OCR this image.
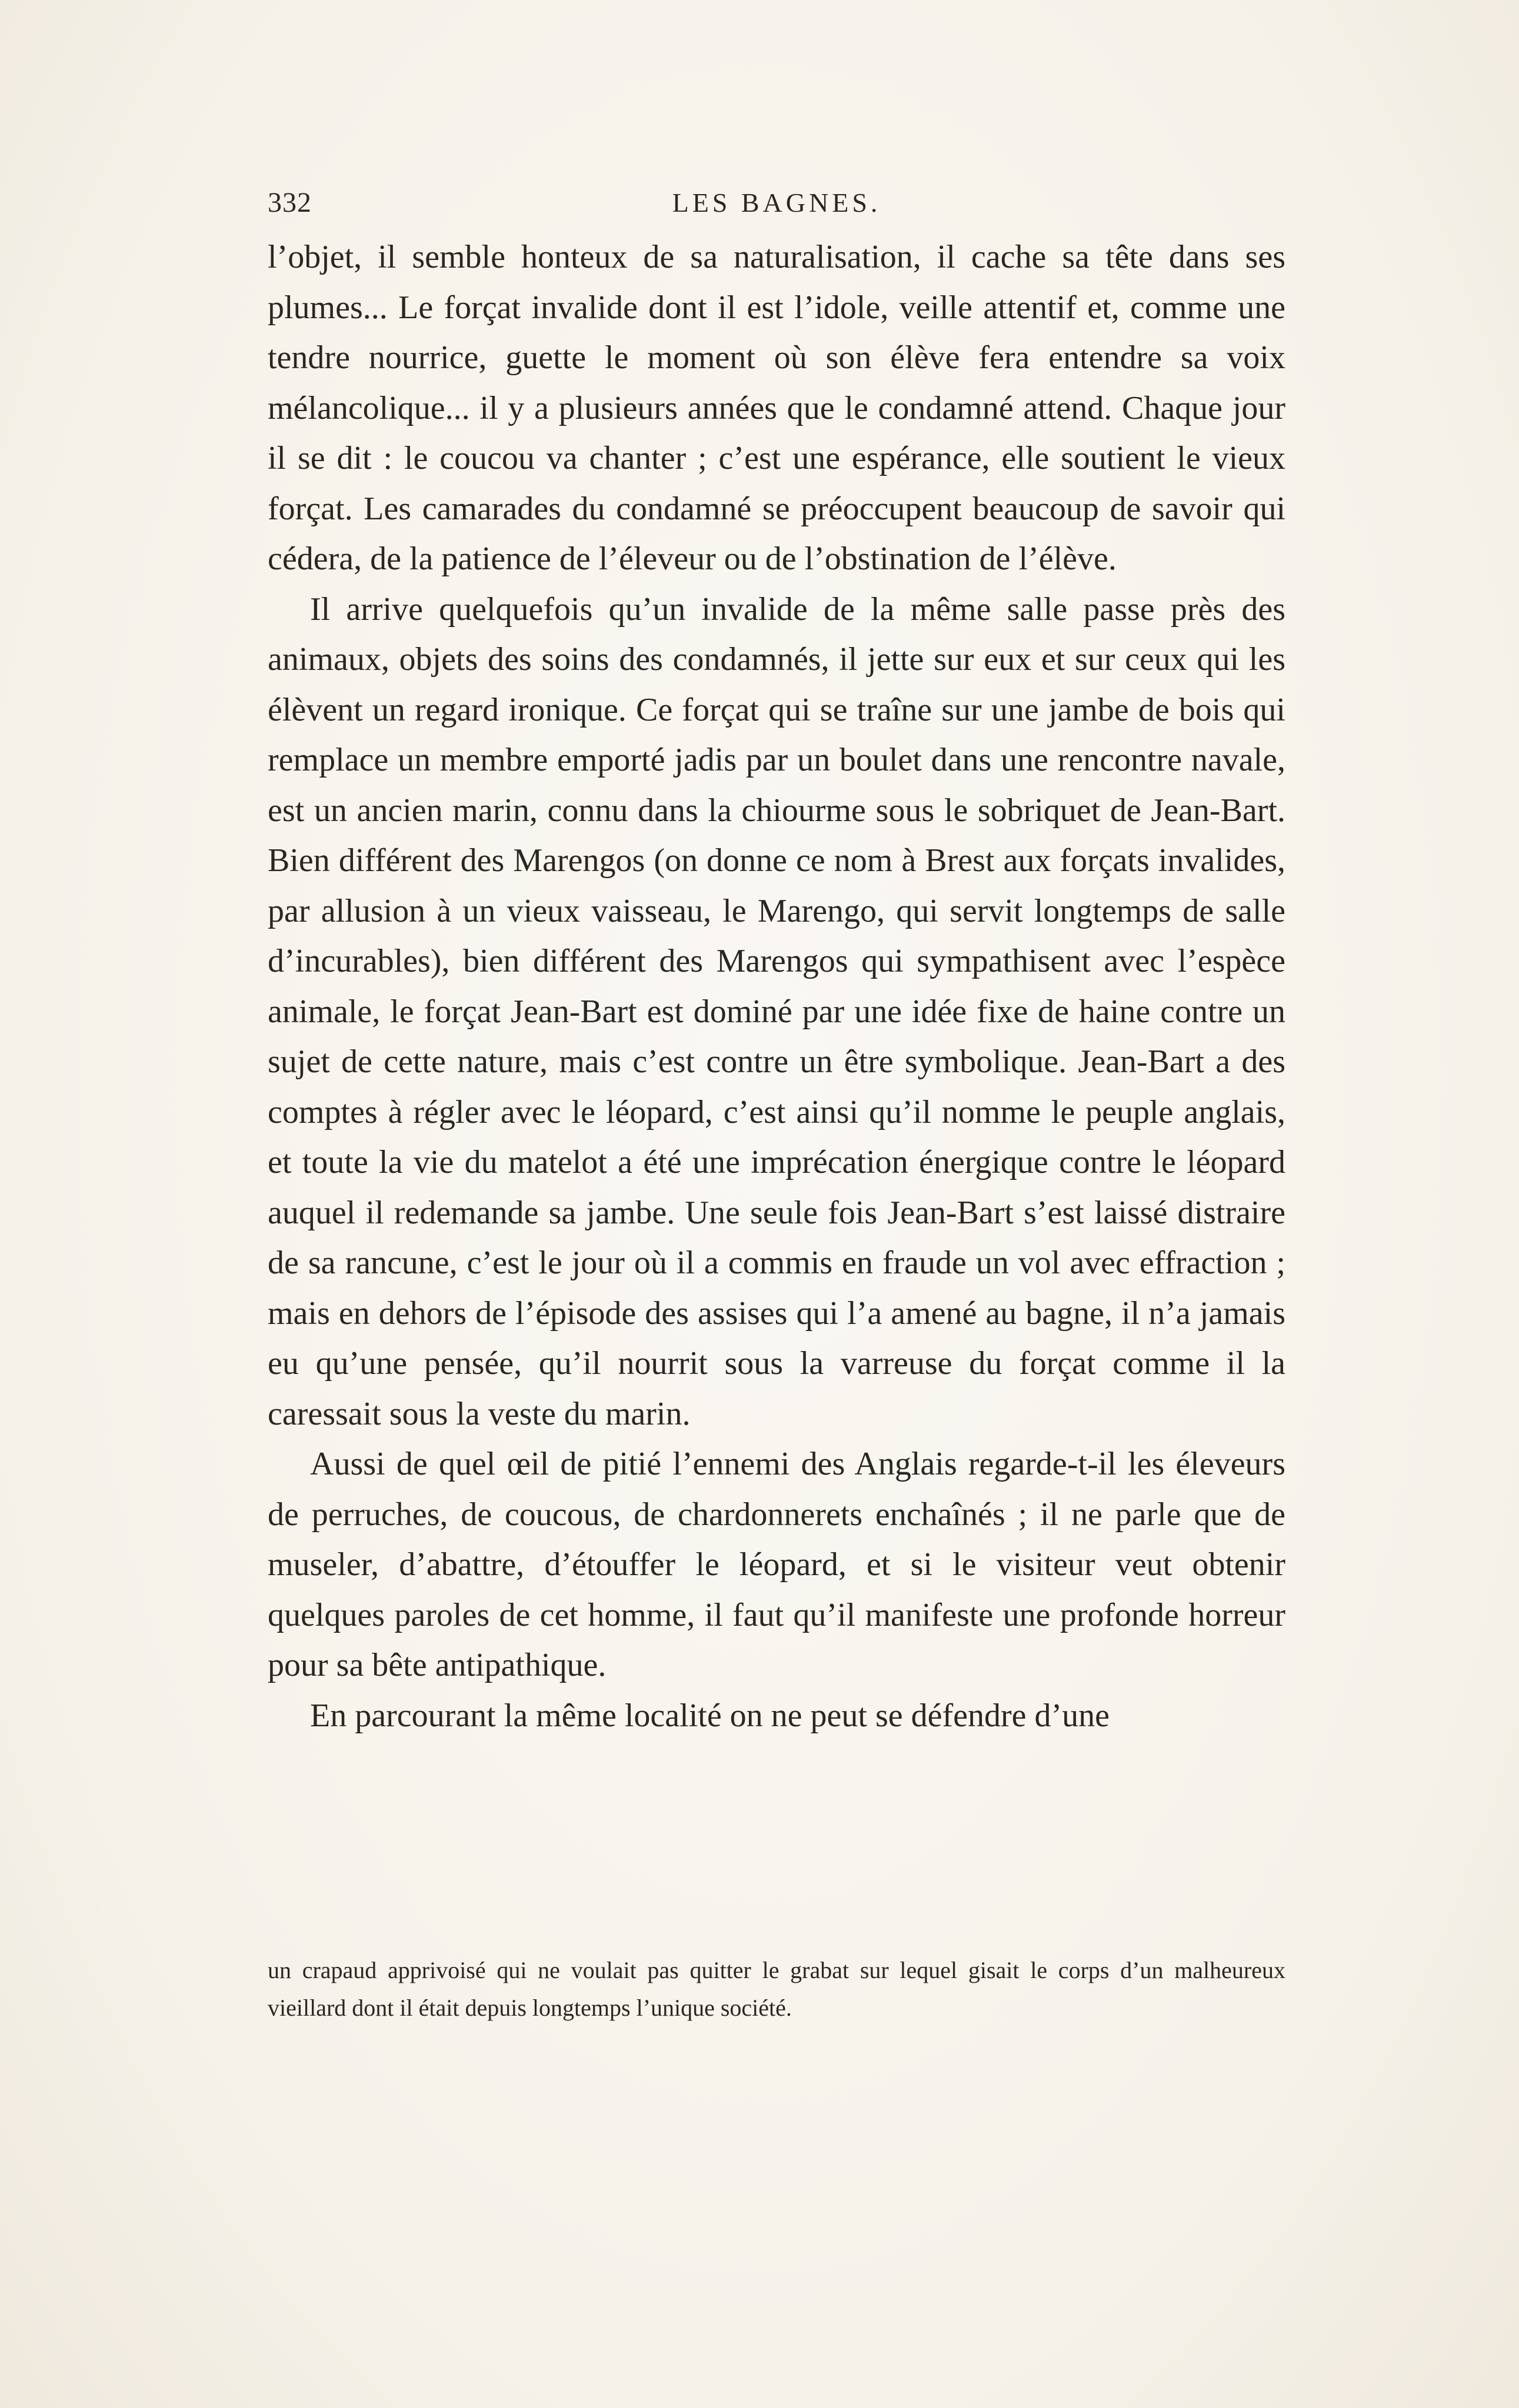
332	LES BAGNES.

l’objet, il semble honteux de sa naturalisation, il cache sa tête dans ses plumes... Le forçat invalide dont il est l’idole, veille attentif et, comme une tendre nourrice, guette le moment où son élève fera entendre sa voix mélancolique... il y a plusieurs années que le condamné attend. Chaque jour il se dit : le coucou va chanter ; c’est une espérance, elle soutient le vieux forçat. Les camarades du condamné se préoccupent beaucoup de savoir qui cédera, de la patience de l’éleveur ou de l’obstination de l’élève.

Il arrive quelquefois qu’un invalide de la même salle passe près des animaux, objets des soins des condamnés, il jette sur eux et sur ceux qui les élèvent un regard ironique. Ce forçat qui se traîne sur une jambe de bois qui remplace un membre emporté jadis par un boulet dans une rencontre navale, est un ancien marin, connu dans la chiourme sous le sobriquet de Jean-Bart. Bien différent des Marengos (on donne ce nom à Brest aux forçats invalides, par allusion à un vieux vaisseau, le Marengo, qui servit longtemps de salle d’incurables), bien différent des Marengos qui sympathisent avec l’espèce animale, le forçat Jean-Bart est dominé par une idée fixe de haine contre un sujet de cette nature, mais c’est contre un être symbolique. Jean-Bart a des comptes à régler avec le léopard, c’est ainsi qu’il nomme le peuple anglais, et toute la vie du matelot a été une imprécation énergique contre le léopard auquel il redemande sa jambe. Une seule fois Jean-Bart s’est laissé distraire de sa rancune, c’est le jour où il a commis en fraude un vol avec effraction ; mais en dehors de l’épisode des assises qui l’a amené au bagne, il n’a jamais eu qu’une pensée, qu’il nourrit sous la varreuse du forçat comme il la caressait sous la veste du marin.

Aussi de quel œil de pitié l’ennemi des Anglais regarde-t-il les éleveurs de perruches, de coucous, de chardonnerets enchaînés ; il ne parle que de museler, d’abattre, d’étouffer le léopard, et si le visiteur veut obtenir quelques paroles de cet homme, il faut qu’il manifeste une profonde horreur pour sa bête antipathique.

En parcourant la même localité on ne peut se défendre d’une

un crapaud apprivoisé qui ne voulait pas quitter le grabat sur lequel gisait le corps d’un malheureux vieillard dont il était depuis longtemps l’unique société.
